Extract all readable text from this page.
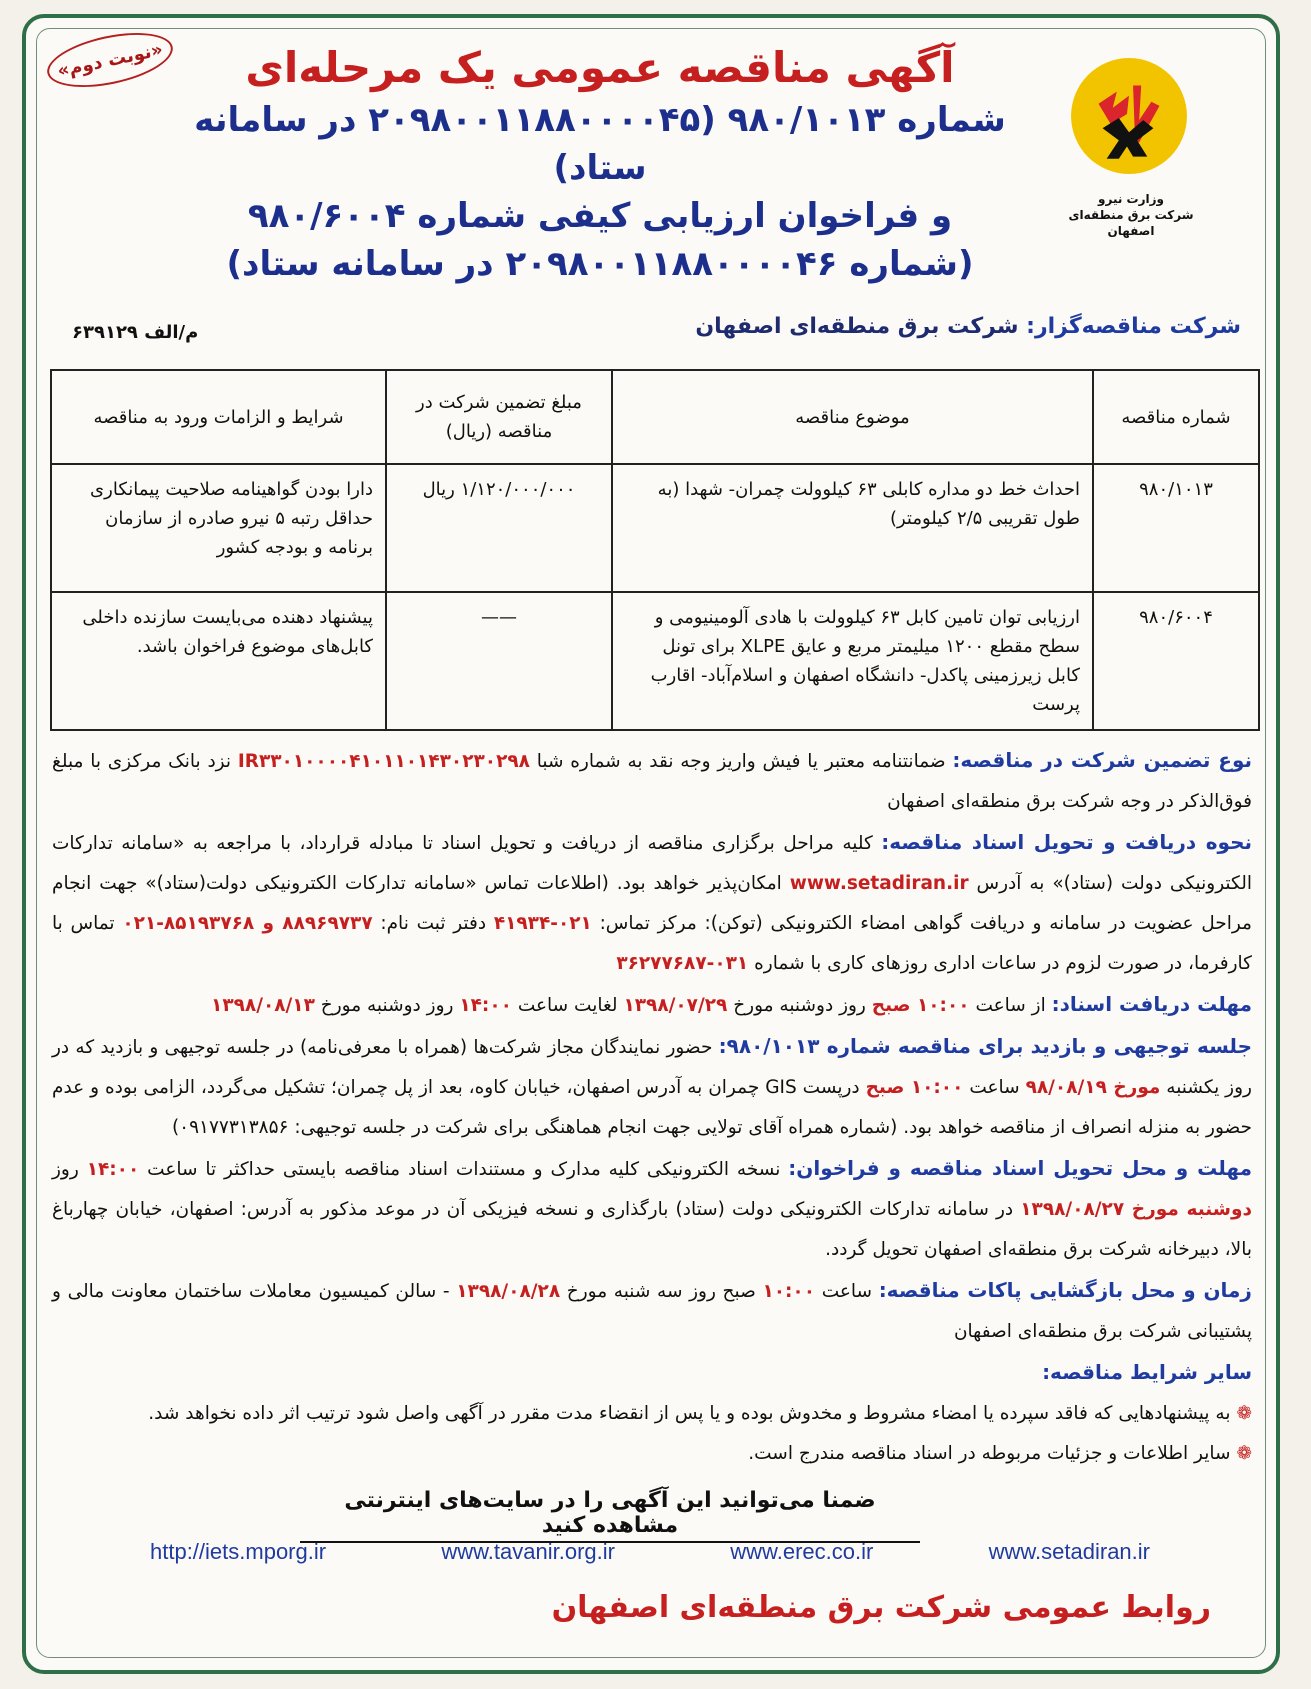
«نوبت دوم»
وزارت نیرو
شرکت برق منطقه‌ای اصفهان
آگهی مناقصه عمومی یک مرحله‌ای
شماره ۹۸۰/۱۰۱۳ (۲۰۹۸۰۰۱۱۸۸۰۰۰۰۴۵ در سامانه ستاد)
و فراخوان ارزیابی کیفی شماره ۹۸۰/۶۰۰۴
(شماره ۲۰۹۸۰۰۱۱۸۸۰۰۰۰۴۶ در سامانه ستاد)
شرکت مناقصه‌گزار: شرکت برق منطقه‌ای اصفهان
م/الف ۶۳۹۱۲۹
شماره مناقصه	موضوع مناقصه	مبلغ تضمین شرکت در مناقصه (ریال)	شرایط و الزامات ورود به مناقصه
۹۸۰/۱۰۱۳	احداث خط دو مداره کابلی ۶۳ کیلوولت چمران- شهدا (به طول تقریبی ۲/۵ کیلومتر)	۱/۱۲۰/۰۰۰/۰۰۰ ریال	دارا بودن گواهینامه صلاحیت پیمانکاری حداقل رتبه ۵ نیرو صادره از سازمان برنامه و بودجه کشور
۹۸۰/۶۰۰۴	ارزیابی توان تامین کابل ۶۳ کیلوولت با هادی آلومینیومی و سطح مقطع ۱۲۰۰ میلیمتر مربع و عایق XLPE برای تونل کابل زیرزمینی پاکدل- دانشگاه اصفهان و اسلام‌آباد- اقارب پرست	——	پیشنهاد دهنده می‌بایست سازنده داخلی کابل‌های موضوع فراخوان باشد.

نوع تضمین شرکت در مناقصه: ضمانتنامه معتبر یا فیش واریز وجه نقد به شماره شبا IR۳۳۰۱۰۰۰۰۴۱۰۱۱۰۱۴۳۰۲۳۰۲۹۸ نزد بانک مرکزی با مبلغ فوق‌الذکر در وجه شرکت برق منطقه‌ای اصفهان

نحوه دریافت و تحویل اسناد مناقصه: کلیه مراحل برگزاری مناقصه از دریافت و تحویل اسناد تا مبادله قرارداد، با مراجعه به «سامانه تدارکات الکترونیکی دولت (ستاد)» به آدرس www.setadiran.ir امکان‌پذیر خواهد بود. (اطلاعات تماس «سامانه تدارکات الکترونیکی دولت(ستاد)» جهت انجام مراحل عضویت در سامانه و دریافت گواهی امضاء الکترونیکی (توکن): مرکز تماس: ۰۲۱-۴۱۹۳۴ دفتر ثبت نام: ۸۸۹۶۹۷۳۷ و ۸۵۱۹۳۷۶۸-۰۲۱ تماس با کارفرما، در صورت لزوم در ساعات اداری روزهای کاری با شماره ۰۳۱-۳۶۲۷۷۶۸۷

مهلت دریافت اسناد: از ساعت ۱۰:۰۰ صبح روز دوشنبه مورخ ۱۳۹۸/۰۷/۲۹ لغایت ساعت ۱۴:۰۰ روز دوشنبه مورخ ۱۳۹۸/۰۸/۱۳

جلسه توجیهی و بازدید برای مناقصه شماره ۹۸۰/۱۰۱۳: حضور نمایندگان مجاز شرکت‌ها (همراه با معرفی‌نامه) در جلسه توجیهی و بازدید که در روز یکشنبه مورخ ۹۸/۰۸/۱۹ ساعت ۱۰:۰۰ صبح درپست GIS چمران به آدرس اصفهان، خیابان کاوه، بعد از پل چمران؛ تشکیل می‌گردد، الزامی بوده و عدم حضور به منزله انصراف از مناقصه خواهد بود. (شماره همراه آقای تولایی جهت انجام هماهنگی برای شرکت در جلسه توجیهی: ۰۹۱۷۷۳۱۳۸۵۶)

مهلت و محل تحویل اسناد مناقصه و فراخوان: نسخه الکترونیکی کلیه مدارک و مستندات اسناد مناقصه بایستی حداکثر تا ساعت ۱۴:۰۰ روز دوشنبه مورخ ۱۳۹۸/۰۸/۲۷ در سامانه تدارکات الکترونیکی دولت (ستاد) بارگذاری و نسخه فیزیکی آن در موعد مذکور به آدرس: اصفهان، خیابان چهارباغ بالا، دبیرخانه شرکت برق منطقه‌ای اصفهان تحویل گردد.

زمان و محل بازگشایی پاکات مناقصه: ساعت ۱۰:۰۰ صبح روز سه شنبه مورخ ۱۳۹۸/۰۸/۲۸ - سالن کمیسیون معاملات ساختمان معاونت مالی و پشتیبانی شرکت برق منطقه‌ای اصفهان

سایر شرایط مناقصه:

❁به پیشنهادهایی که فاقد سپرده یا امضاء مشروط و مخدوش بوده و یا پس از انقضاء مدت مقرر در آگهی واصل شود ترتیب اثر داده نخواهد شد.

❁سایر اطلاعات و جزئیات مربوطه در اسناد مناقصه مندرج است.

ضمنا می‌توانید این آگهی را در سایت‌های اینترنتی مشاهده کنید
http://iets.mporg.ir	www.tavanir.org.ir	www.erec.co.ir	www.setadiran.ir
روابط عمومی شرکت برق منطقه‌ای اصفهان
